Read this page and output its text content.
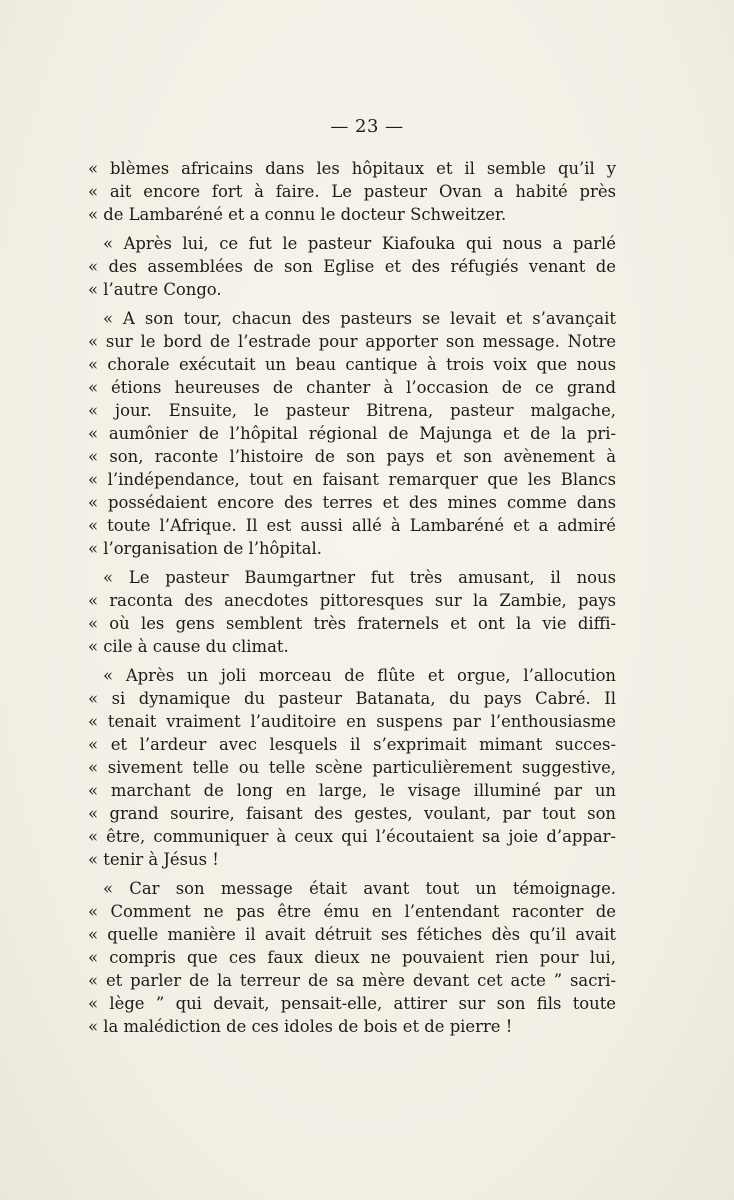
— 23 —
« blèmes africains dans les hôpitaux et il semble qu’il y
« ait encore fort à faire. Le pasteur Ovan a habité près
« de Lambaréné et a connu le docteur Schweitzer.
« Après lui, ce fut le pasteur Kiafouka qui nous a parlé
« des assemblées de son Eglise et des réfugiés venant de
« l’autre Congo.
« A son tour, chacun des pasteurs se levait et s’avançait
« sur le bord de l’estrade pour apporter son message. Notre
« chorale exécutait un beau cantique à trois voix que nous
« étions heureuses de chanter à l’occasion de ce grand
« jour. Ensuite, le pasteur Bitrena, pasteur malgache,
« aumônier de l’hôpital régional de Majunga et de la pri-
« son, raconte l’histoire de son pays et son avènement à
« l’indépendance, tout en faisant remarquer que les Blancs
« possédaient encore des terres et des mines comme dans
« toute l’Afrique. Il est aussi allé à Lambaréné et a admiré
« l’organisation de l’hôpital.
« Le pasteur Baumgartner fut très amusant, il nous
« raconta des anecdotes pittoresques sur la Zambie, pays
« où les gens semblent très fraternels et ont la vie diffi-
« cile à cause du climat.
« Après un joli morceau de flûte et orgue, l’allocution
« si dynamique du pasteur Batanata, du pays Cabré. Il
« tenait vraiment l’auditoire en suspens par l’enthousiasme
« et l’ardeur avec lesquels il s’exprimait mimant succes-
« sivement telle ou telle scène particulièrement suggestive,
« marchant de long en large, le visage illuminé par un
« grand sourire, faisant des gestes, voulant, par tout son
« être, communiquer à ceux qui l’écoutaient sa joie d’appar-
« tenir à Jésus !
« Car son message était avant tout un témoignage.
« Comment ne pas être ému en l’entendant raconter de
« quelle manière il avait détruit ses fétiches dès qu’il avait
« compris que ces faux dieux ne pouvaient rien pour lui,
« et parler de la terreur de sa mère devant cet acte ” sacri-
« lège ” qui devait, pensait-elle, attirer sur son fils toute
« la malédiction de ces idoles de bois et de pierre !
